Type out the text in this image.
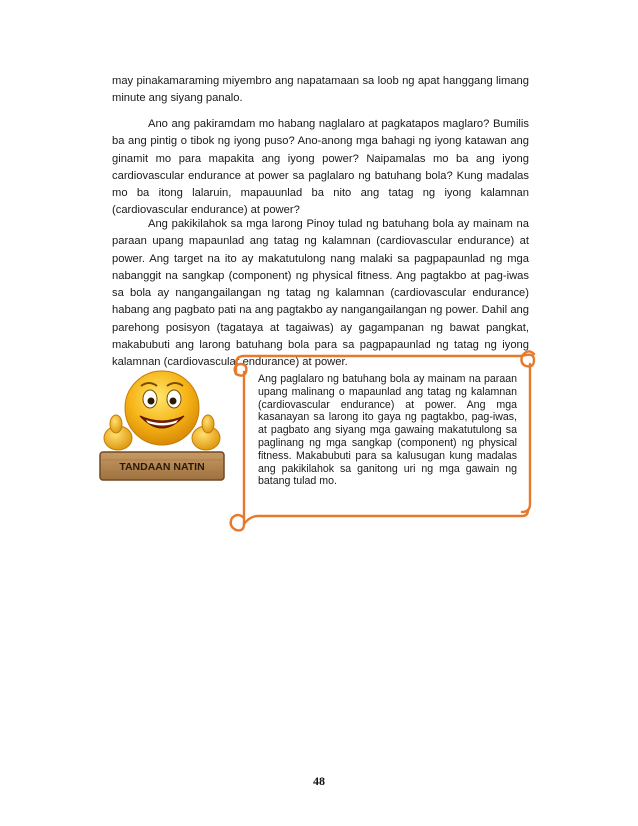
may pinakamaraming miyembro ang napatamaan sa loob ng apat hanggang limang minute ang siyang panalo.
Ano ang pakiramdam mo habang naglalaro at pagkatapos maglaro? Bumilis ba ang pintig o tibok ng iyong puso? Ano-anong mga bahagi ng iyong katawan ang ginamit mo para mapakita ang iyong power? Naipamalas mo ba ang iyong cardiovascular endurance at power sa paglalaro ng batuhang bola? Kung madalas mo ba itong lalaruin, mapauunlad ba nito ang tatag ng iyong kalamnan (cardiovascular endurance) at power?
Ang pakikilahok sa mga larong Pinoy tulad ng batuhang bola ay mainam na paraan upang mapaunlad ang tatag ng kalamnan (cardiovascular endurance) at power. Ang target na ito ay makatutulong nang malaki sa pagpapaunlad ng mga nabanggit na sangkap (component) ng physical fitness. Ang pagtakbo at pag-iwas sa bola ay nangangailangan ng tatag ng kalamnan (cardiovascular endurance) habang ang pagbato pati na ang pagtakbo ay nangangailangan ng power. Dahil ang parehong posisyon (tagataya at tagaiwas) ay gagampanan ng bawat pangkat, makabubuti ang larong batuhang bola para sa pagpapaunlad ng tatag ng iyong kalamnan (cardiovascular endurance) at power.
TANDAAN NATIN
Ang paglalaro ng batuhang bola ay mainam na paraan upang malinang o mapaunlad ang tatag ng kalamnan (cardiovascular endurance) at power. Ang mga kasanayan sa larong ito gaya ng pagtakbo, pag-iwas, at pagbato ang siyang mga gawaing makatutulong sa paglinang ng mga sangkap (component) ng physical fitness. Makabubuti para sa kalusugan kung madalas ang pakikilahok sa ganitong uri ng mga gawain ng batang tulad mo.
48
